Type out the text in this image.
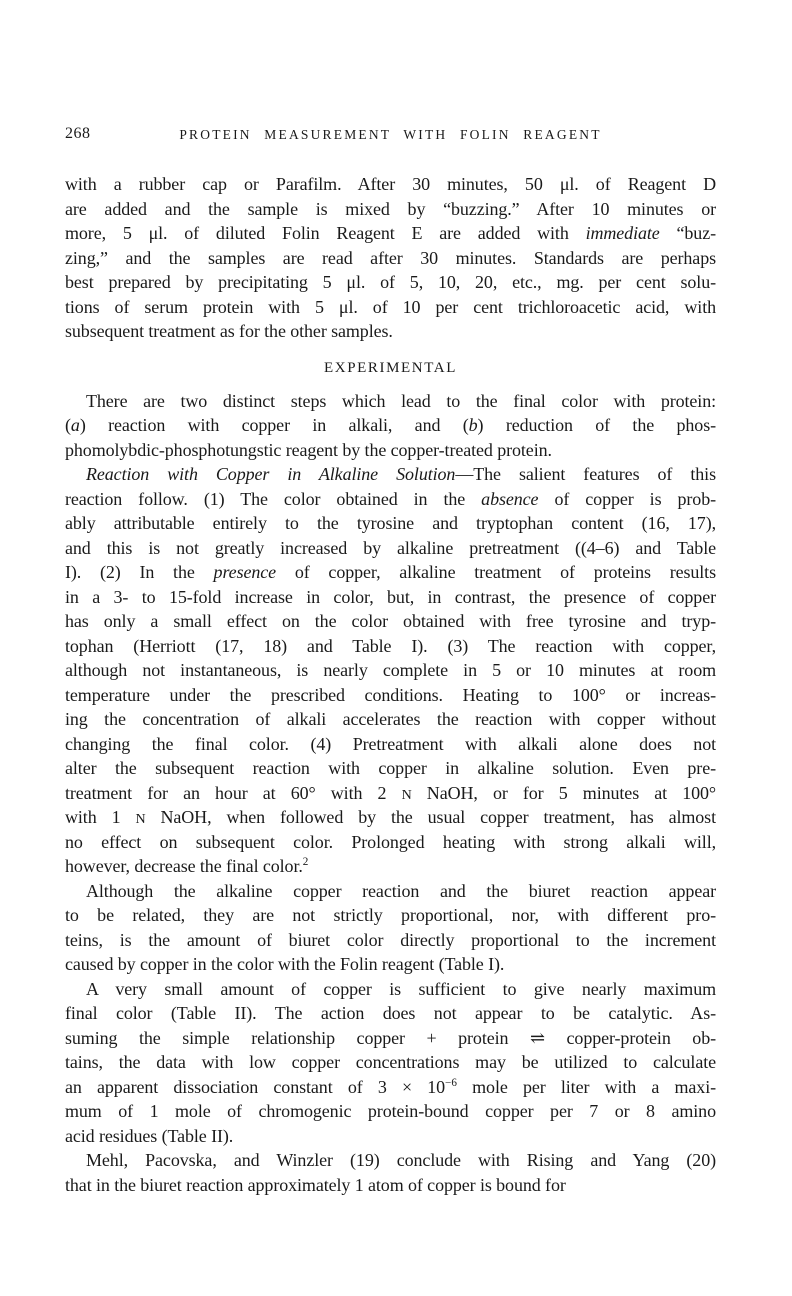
268	PROTEIN MEASUREMENT WITH FOLIN REAGENT
with a rubber cap or Parafilm. After 30 minutes, 50 μl. of Reagent D
are added and the sample is mixed by “buzzing.” After 10 minutes or
more, 5 μl. of diluted Folin Reagent E are added with immediate “buz-
zing,” and the samples are read after 30 minutes. Standards are perhaps
best prepared by precipitating 5 μl. of 5, 10, 20, etc., mg. per cent solu-
tions of serum protein with 5 μl. of 10 per cent trichloroacetic acid, with
subsequent treatment as for the other samples.
EXPERIMENTAL
There are two distinct steps which lead to the final color with protein:
(a) reaction with copper in alkali, and (b) reduction of the phos-
phomolybdic-phosphotungstic reagent by the copper-treated protein.
Reaction with Copper in Alkaline Solution—The salient features of this
reaction follow. (1) The color obtained in the absence of copper is prob-
ably attributable entirely to the tyrosine and tryptophan content (16, 17),
and this is not greatly increased by alkaline pretreatment ((4–6) and Table
I). (2) In the presence of copper, alkaline treatment of proteins results
in a 3- to 15-fold increase in color, but, in contrast, the presence of copper
has only a small effect on the color obtained with free tyrosine and tryp-
tophan (Herriott (17, 18) and Table I). (3) The reaction with copper,
although not instantaneous, is nearly complete in 5 or 10 minutes at room
temperature under the prescribed conditions. Heating to 100° or increas-
ing the concentration of alkali accelerates the reaction with copper without
changing the final color. (4) Pretreatment with alkali alone does not
alter the subsequent reaction with copper in alkaline solution. Even pre-
treatment for an hour at 60° with 2 N NaOH, or for 5 minutes at 100°
with 1 N NaOH, when followed by the usual copper treatment, has almost
no effect on subsequent color. Prolonged heating with strong alkali will,
however, decrease the final color.$^2$
Although the alkaline copper reaction and the biuret reaction appear
to be related, they are not strictly proportional, nor, with different pro-
teins, is the amount of biuret color directly proportional to the increment
caused by copper in the color with the Folin reagent (Table I).
A very small amount of copper is sufficient to give nearly maximum
final color (Table II). The action does not appear to be catalytic. As-
suming the simple relationship copper + protein ⇌ copper-protein ob-
tains, the data with low copper concentrations may be utilized to calculate
an apparent dissociation constant of $3 \times 10^{-6}$ mole per liter with a maxi-
mum of 1 mole of chromogenic protein-bound copper per 7 or 8 amino
acid residues (Table II).
Mehl, Pacovska, and Winzler (19) conclude with Rising and Yang (20)
that in the biuret reaction approximately 1 atom of copper is bound for
